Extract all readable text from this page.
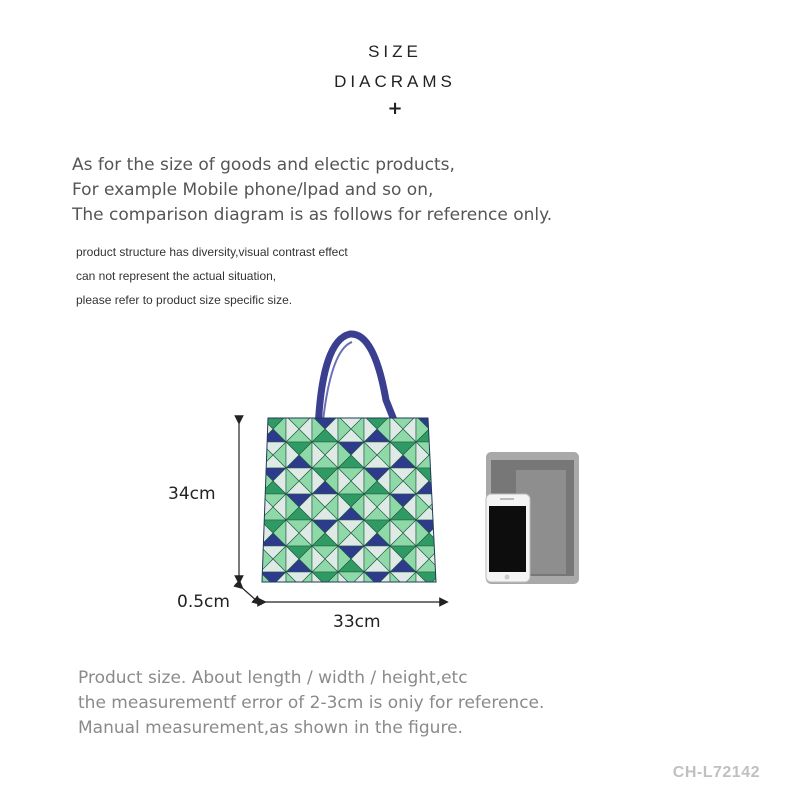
SIZE
DIACRAMS
+
As for the size of goods and electic products,
For example Mobile phone/lpad and so on,
The comparison diagram is as follows for reference only.
product structure has diversity,visual contrast effect
can not represent the actual situation,
please refer to product size specific size.
34cm
0.5cm
33cm
Product size. About length / width / height,etc
the measurementf error of 2-3cm is oniy for reference.
Manual measurement,as shown in the figure.
CH-L72142
